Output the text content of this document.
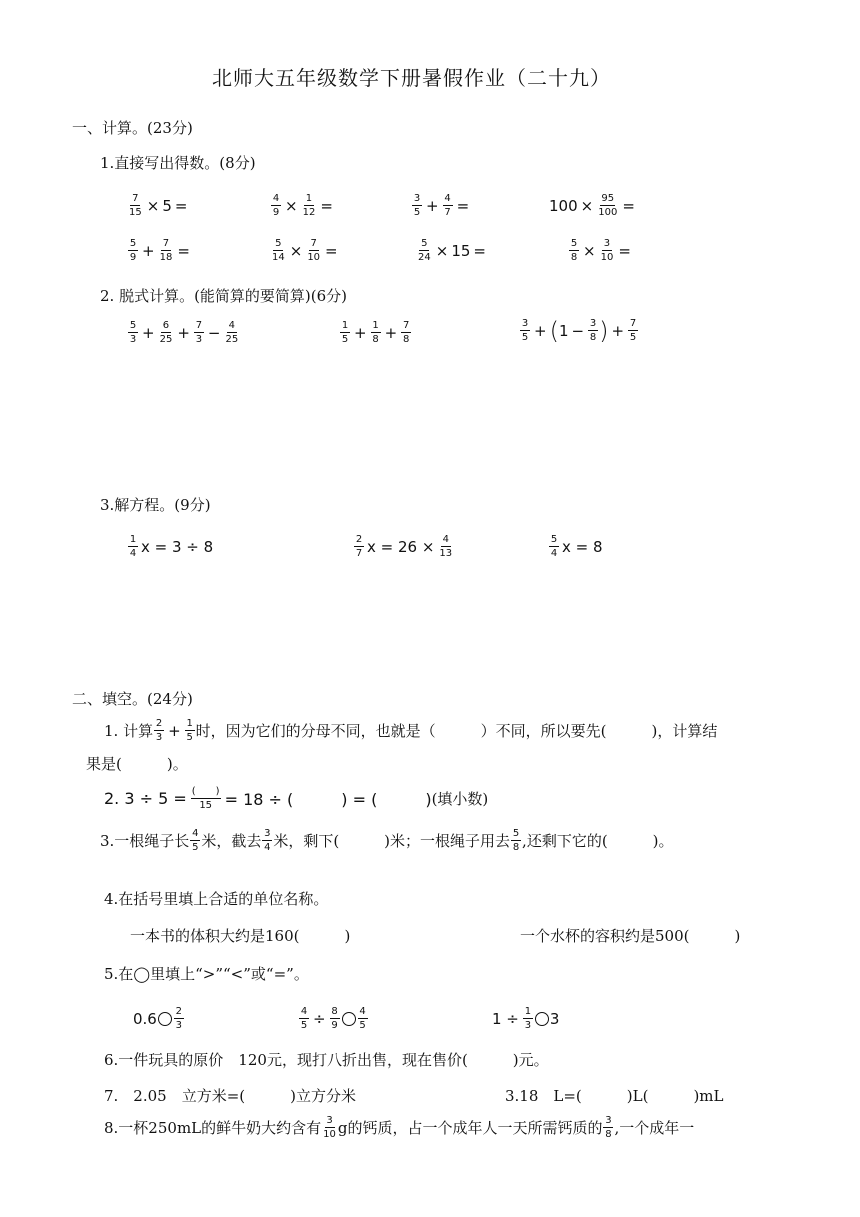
北师大五年级数学下册暑假作业（二十九）
一、计算。(23分)
1.直接写出得数。(8分)
$\frac{7}{15} \times 5$ =	$\frac{4}{9} \times \frac{1}{12}$ =	$\frac{3}{5} + \frac{4}{7}$ =	$100 \times \frac{95}{100}$ =
$\frac{5}{9} + \frac{7}{18}$ =	$\frac{5}{14} \times \frac{7}{10}$ =	$\frac{5}{24} \times 15$ =	$\frac{5}{8} \times \frac{3}{10}$ =
2. 脱式计算。(能简算的要简算)(6分)
$\frac{5}{3} + \frac{6}{25} + \frac{7}{3} - \frac{4}{25}$	$\frac{1}{5} + \frac{1}{8} + \frac{7}{8}$	$\frac{3}{5}$ + ( $1 - \frac{3}{8}$ ) + $\frac{7}{5}$
3.解方程。(9分)
$\frac{1}{4}$ x = 3 ÷ 8	$\frac{2}{7}$ $x = 26 \times \frac{4}{13}$	$\frac{5}{4}$ x = 8
二、填空。(24分)
1. 计算 $\frac{2}{3} + \frac{1}{5}$ 时，因为它们的分母不同，也就是（　　　）不同，所以要先(　　　)，计算结
果是(　　　)。
2. $3 \div 5 = \frac{( )}{15} = 18$ ÷ (　　　) = (　　　) (填小数)
3.一根绳子长 $\frac{4}{5}$ 米，截去 $\frac{3}{4}$ 米，剩下(　　　)米；一根绳子用去 $\frac{5}{8}$ ,还剩下它的(　　　)。
4.在括号里填上合适的单位名称。
一本书的体积大约是160(　　　)	一个水杯的容积约是500(　　　)
5.在◯里填上“>”“<”或“=”。
$0.6 \frac{2}{3}$	$\frac{4}{5} \div \frac{8}{9} \frac{4}{5}$	$1 \div \frac{1}{3} 3$
6.一件玩具的原价　120元，现打八折出售，现在售价(　　　)元。
7.　2.05　立方米=(　　　)立方分米	3.18　L=(　　　)L(　　　)mL
8.一杯250mL的鲜牛奶大约含有 $\frac{3}{10}$ g的钙质，占一个成年人一天所需钙质的 $\frac{3}{8}$ ,一个成年一
